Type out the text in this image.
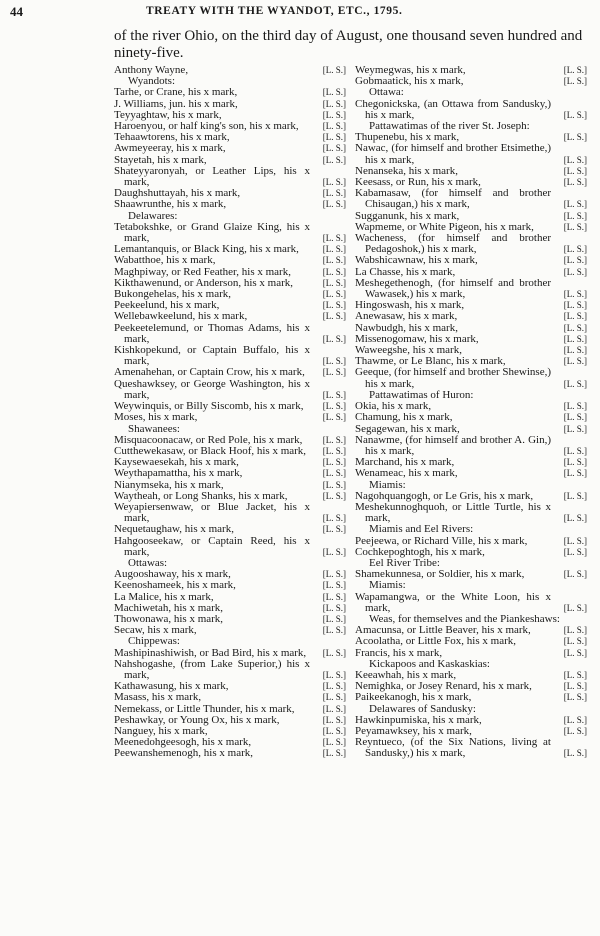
44	TREATY WITH THE WYANDOT, ETC., 1795.
of the river Ohio, on the third day of August, one thousand seven hundred and ninety-five.
Anthony Wayne,	[L. S.]
Wyandots:
Tarhe, or Crane, his x mark,	[L. S.]
J. Williams, jun. his x mark,	[L. S.]
Teyyaghtaw, his x mark,	[L. S.]
Haroenyou, or half king's son, his x mark,	[L. S.]
Tehaawtorens, his x mark,	[L. S.]
Awmeyeeray, his x mark,	[L. S.]
Stayetah, his x mark,	[L. S.]
Shateyyaronyah, or Leather Lips, his x mark,	[L. S.]
Daughshuttayah, his x mark,	[L. S.]
Shaawrunthe, his x mark,	[L. S.]
Delawares:
Tetabokshke, or Grand Glaize King, his x mark,	[L. S.]
Lemantanquis, or Black King, his x mark,	[L. S.]
Wabatthoe, his x mark,	[L. S.]
Maghpiway, or Red Feather, his x mark,	[L. S.]
Kikthawenund, or Anderson, his x mark,	[L. S.]
Bukongehelas, his x mark,	[L. S.]
Peekeelund, his x mark,	[L. S.]
Wellebawkeelund, his x mark,	[L. S.]
Peekeetelemund, or Thomas Adams, his x mark,	[L. S.]
Kishkopekund, or Captain Buffalo, his x mark,	[L. S.]
Amenahehan, or Captain Crow, his x mark,	[L. S.]
Queshawksey, or George Washington, his x mark,	[L. S.]
Weywinquis, or Billy Siscomb, his x mark,	[L. S.]
Moses, his x mark,	[L. S.]
Shawanees:
Misquacoonacaw, or Red Pole, his x mark,	[L. S.]
Cutthewekasaw, or Black Hoof, his x mark,	[L. S.]
Kaysewaesekah, his x mark,	[L. S.]
Weythapamattha, his x mark,	[L. S.]
Nianymseka, his x mark,	[L. S.]
Waytheah, or Long Shanks, his x mark,	[L. S.]
Weyapiersenwaw, or Blue Jacket, his x mark,	[L. S.]
Nequetaughaw, his x mark,	[L. S.]
Hahgooseekaw, or Captain Reed, his x mark,	[L. S.]
Ottawas:
Augooshaway, his x mark,	[L. S.]
Keenoshameek, his x mark,	[L. S.]
La Malice, his x mark,	[L. S.]
Machiwetah, his x mark,	[L. S.]
Thowonawa, his x mark,	[L. S.]
Secaw, his x mark,	[L. S.]
Chippewas:
Mashipinashiwish, or Bad Bird, his x mark,	[L. S.]
Nahshogashe, (from Lake Superior,) his x mark,	[L. S.]
Kathawasung, his x mark,	[L. S.]
Masass, his x mark,	[L. S.]
Nemekass, or Little Thunder, his x mark,	[L. S.]
Peshawkay, or Young Ox, his x mark,	[L. S.]
Nanguey, his x mark,	[L. S.]
Meenedohgeesogh, his x mark,	[L. S.]
Peewanshemenogh, his x mark,	[L. S.]
Weymegwas, his x mark,	[L. S.]
Gobmaatick, his x mark,	[L. S.]
Ottawa:
Chegonickska, (an Ottawa from Sandusky,) his x mark,	[L. S.]
Pattawatimas of the river St. Joseph:
Thupenebu, his x mark,	[L. S.]
Nawac, (for himself and brother Etsimethe,) his x mark,	[L. S.]
Nenanseka, his x mark,	[L. S.]
Keesass, or Run, his x mark,	[L. S.]
Kabamasaw, (for himself and brother Chisaugan,) his x mark,	[L. S.]
Sugganunk, his x mark,	[L. S.]
Wapmeme, or White Pigeon, his x mark,	[L. S.]
Wacheness, (for himself and brother Pedagoshok,) his x mark,	[L. S.]
Wabshicawnaw, his x mark,	[L. S.]
La Chasse, his x mark,	[L. S.]
Meshegethenogh, (for himself and brother Wawasek,) his x mark,	[L. S.]
Hingoswash, his x mark,	[L. S.]
Anewasaw, his x mark,	[L. S.]
Nawbudgh, his x mark,	[L. S.]
Missenogomaw, his x mark,	[L. S.]
Waweegshe, his x mark,	[L. S.]
Thawme, or Le Blanc, his x mark,	[L. S.]
Geeque, (for himself and brother Shewinse,) his x mark,	[L. S.]
Pattawatimas of Huron:
Okia, his x mark,	[L. S.]
Chamung, his x mark,	[L. S.]
Segagewan, his x mark,	[L. S.]
Nanawme, (for himself and brother A. Gin,) his x mark,	[L. S.]
Marchand, his x mark,	[L. S.]
Wenameac, his x mark,	[L. S.]
Miamis:
Nagohquangogh, or Le Gris, his x mark,	[L. S.]
Meshekunnoghquoh, or Little Turtle, his x mark,	[L. S.]
Miamis and Eel Rivers:
Peejeewa, or Richard Ville, his x mark,	[L. S.]
Cochkepoghtogh, his x mark,	[L. S.]
Eel River Tribe:
Shamekunnesa, or Soldier, his x mark,	[L. S.]
Miamis:
Wapamangwa, or the White Loon, his x mark,	[L. S.]
Weas, for themselves and the Piankeshaws:
Amacunsa, or Little Beaver, his x mark,	[L. S.]
Acoolatha, or Little Fox, his x mark,	[L. S.]
Francis, his x mark,	[L. S.]
Kickapoos and Kaskaskias:
Keeawhah, his x mark,	[L. S.]
Nemighka, or Josey Renard, his x mark,	[L. S.]
Paikeekanogh, his x mark,	[L. S.]
Delawares of Sandusky:
Hawkinpumiska, his x mark,	[L. S.]
Peyamawksey, his x mark,	[L. S.]
Reyntueco, (of the Six Nations, living at Sandusky,) his x mark,	[L. S.]
